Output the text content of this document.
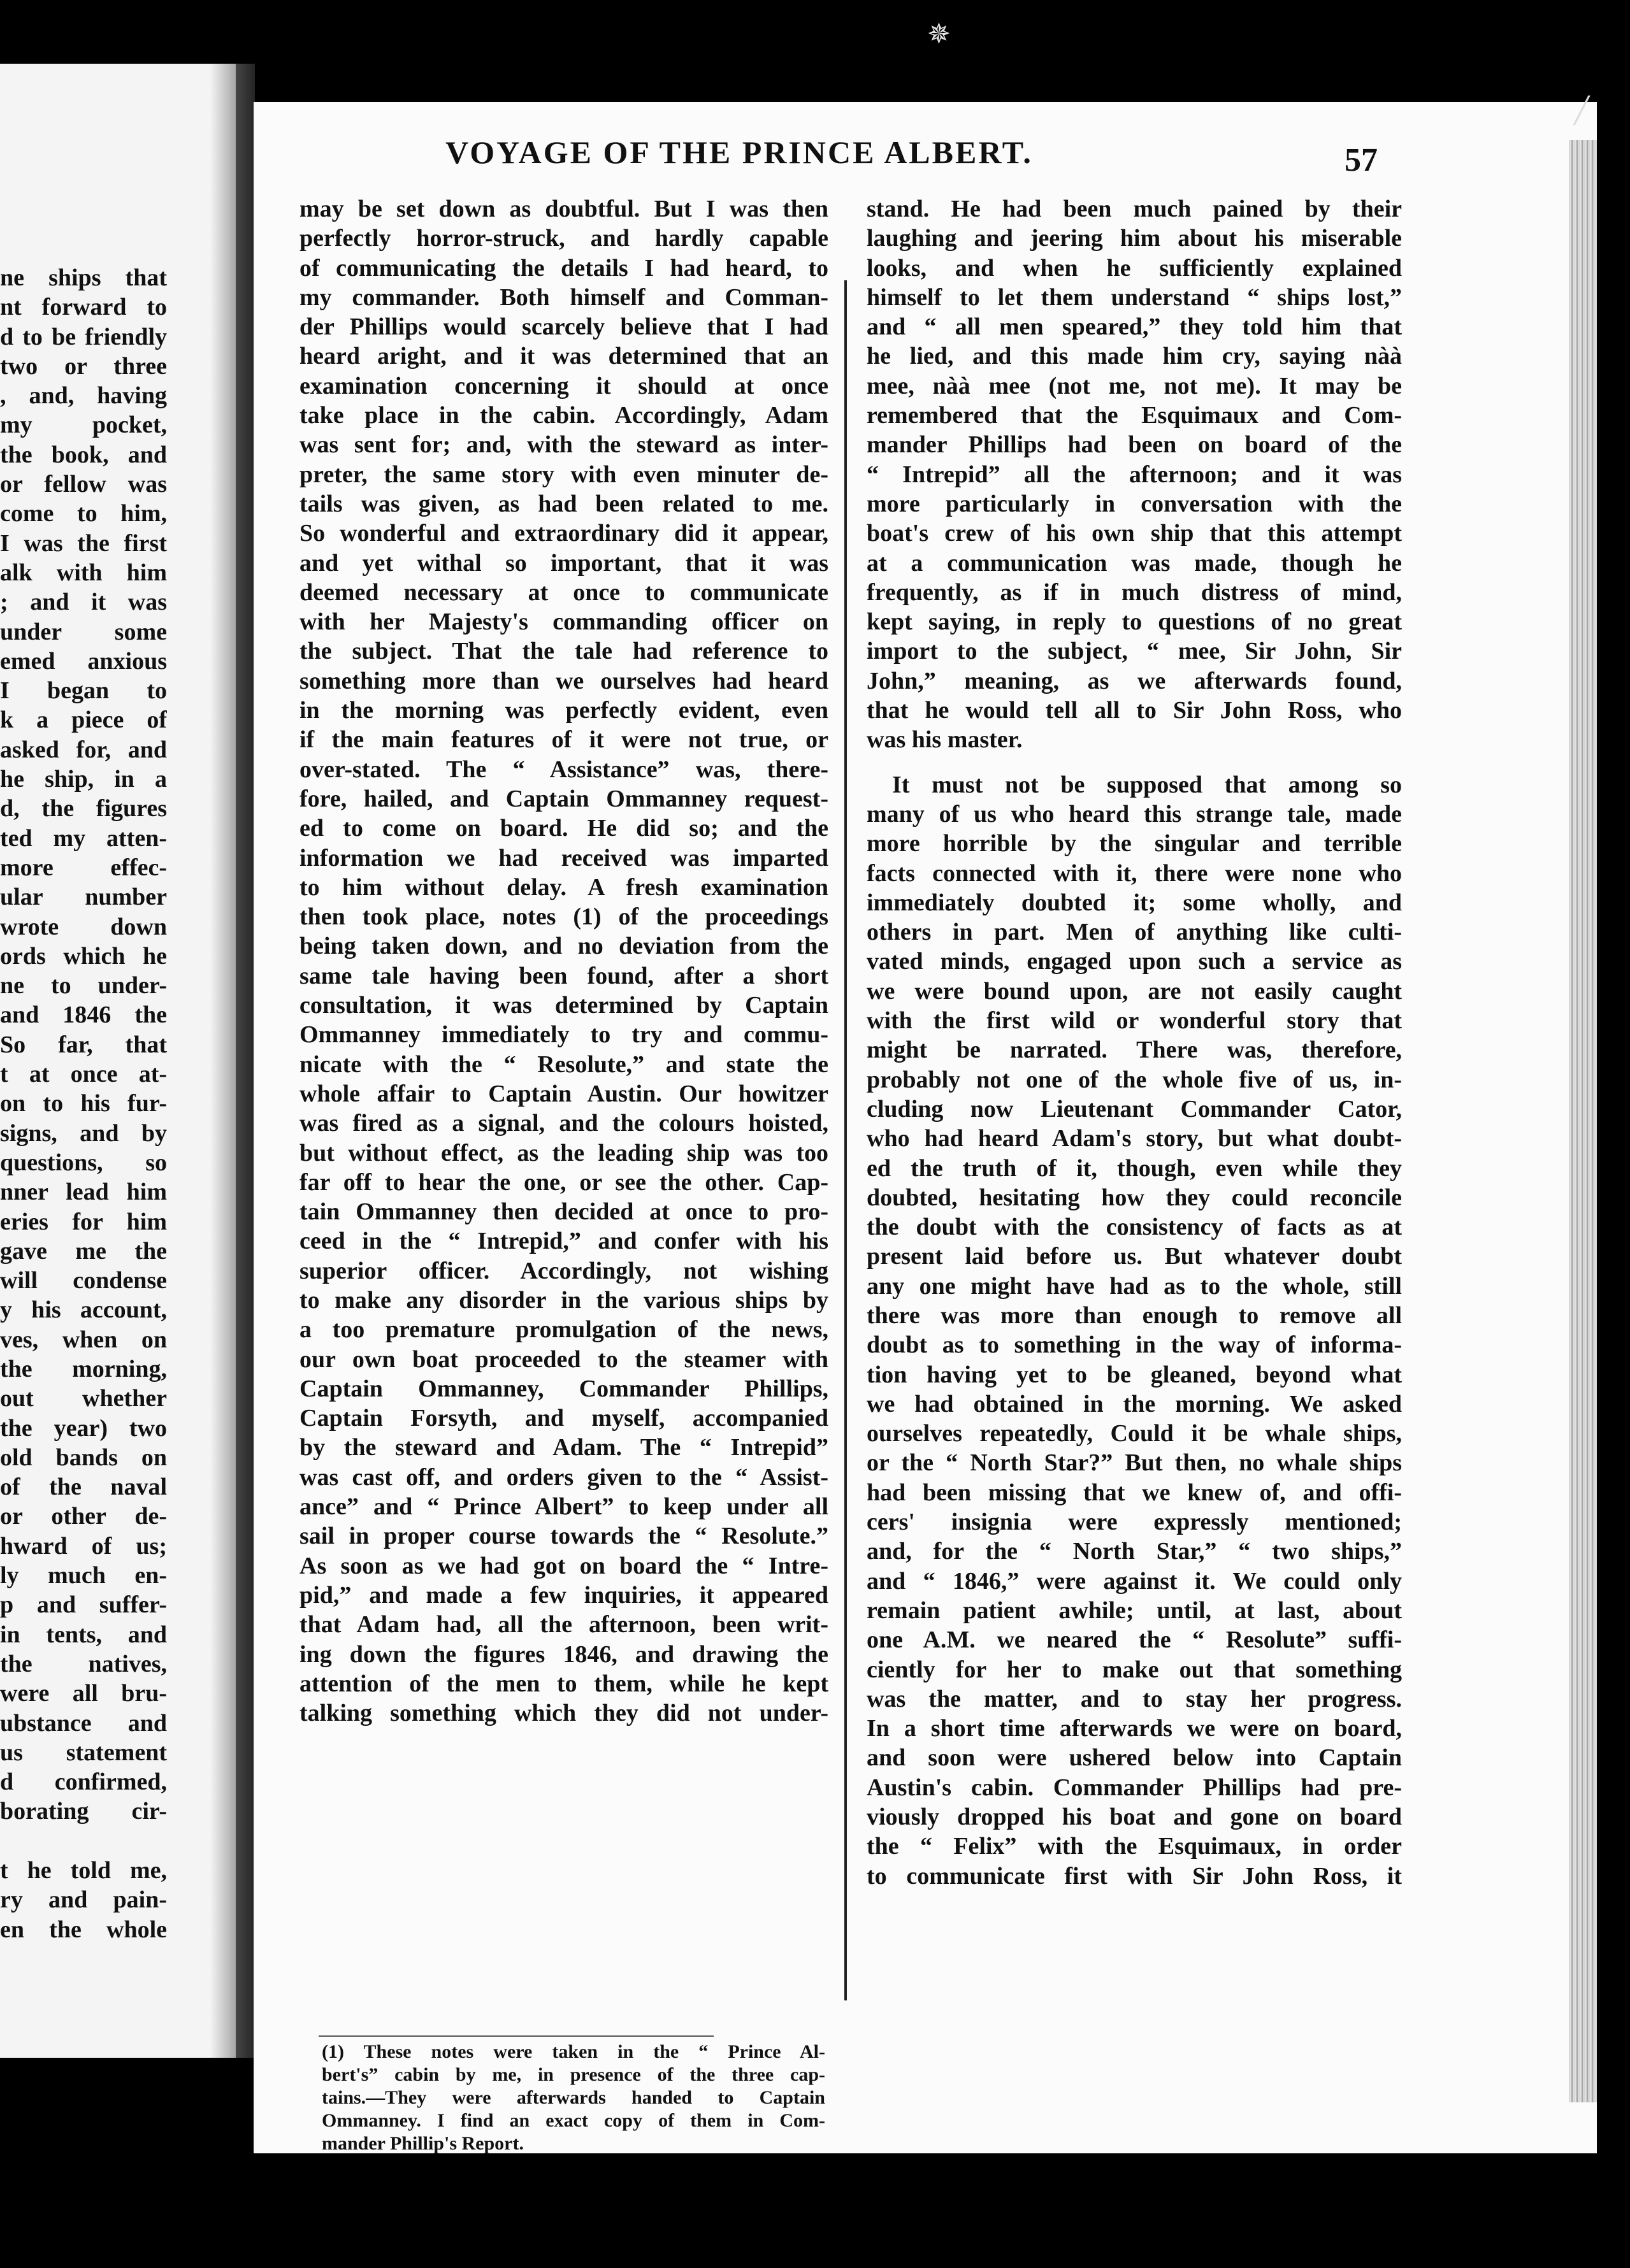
ne ships that
nt forward to
d to be friendly
two or three
, and, having
my pocket,
the book, and
or fellow was
come to him,
I was the first
alk with him
; and it was
under some
emed anxious
I began to
k a piece of
asked for, and
he ship, in a
d, the figures
ted my atten-
more effec-
ular number
wrote down
ords which he
ne to under-
and 1846 the
So far, that
t at once at-
on to his fur-
signs, and by
questions, so
nner lead him
eries for him
gave me the
will condense
y his account,
ves, when on
the morning,
out whether
the year) two
old bands on
of the naval
or other de-
hward of us;
ly much en-
p and suffer-
in tents, and
the natives,
were all bru-
ubstance and
us statement
d confirmed,
borating cir-
t he told me,
ry and pain-
en the whole
✵
╱
VOYAGE OF THE PRINCE ALBERT.	57
may be set down as doubtful. But I was then
perfectly horror-struck, and hardly capable
of communicating the details I had heard, to
my commander. Both himself and Comman-
der Phillips would scarcely believe that I had
heard aright, and it was determined that an
examination concerning it should at once
take place in the cabin. Accordingly, Adam
was sent for; and, with the steward as inter-
preter, the same story with even minuter de-
tails was given, as had been related to me.
So wonderful and extraordinary did it appear,
and yet withal so important, that it was
deemed necessary at once to communicate
with her Majesty's commanding officer on
the subject. That the tale had reference to
something more than we ourselves had heard
in the morning was perfectly evident, even
if the main features of it were not true, or
over-stated. The “ Assistance” was, there-
fore, hailed, and Captain Ommanney request-
ed to come on board. He did so; and the
information we had received was imparted
to him without delay. A fresh examination
then took place, notes (1) of the proceedings
being taken down, and no deviation from the
same tale having been found, after a short
consultation, it was determined by Captain
Ommanney immediately to try and commu-
nicate with the “ Resolute,” and state the
whole affair to Captain Austin. Our howitzer
was fired as a signal, and the colours hoisted,
but without effect, as the leading ship was too
far off to hear the one, or see the other. Cap-
tain Ommanney then decided at once to pro-
ceed in the “ Intrepid,” and confer with his
superior officer. Accordingly, not wishing
to make any disorder in the various ships by
a too premature promulgation of the news,
our own boat proceeded to the steamer with
Captain Ommanney, Commander Phillips,
Captain Forsyth, and myself, accompanied
by the steward and Adam. The “ Intrepid”
was cast off, and orders given to the “ Assist-
ance” and “ Prince Albert” to keep under all
sail in proper course towards the “ Resolute.”
As soon as we had got on board the “ Intre-
pid,” and made a few inquiries, it appeared
that Adam had, all the afternoon, been writ-
ing down the figures 1846, and drawing the
attention of the men to them, while he kept
talking something which they did not under-
stand. He had been much pained by their
laughing and jeering him about his miserable
looks, and when he sufficiently explained
himself to let them understand “ ships lost,”
and “ all men speared,” they told him that
he lied, and this made him cry, saying nàà
mee, nàà mee (not me, not me). It may be
remembered that the Esquimaux and Com-
mander Phillips had been on board of the
“ Intrepid” all the afternoon; and it was
more particularly in conversation with the
boat's crew of his own ship that this attempt
at a communication was made, though he
frequently, as if in much distress of mind,
kept saying, in reply to questions of no great
import to the subject, “ mee, Sir John, Sir
John,” meaning, as we afterwards found,
that he would tell all to Sir John Ross, who
was his master.
It must not be supposed that among so
many of us who heard this strange tale, made
more horrible by the singular and terrible
facts connected with it, there were none who
immediately doubted it; some wholly, and
others in part. Men of anything like culti-
vated minds, engaged upon such a service as
we were bound upon, are not easily caught
with the first wild or wonderful story that
might be narrated. There was, therefore,
probably not one of the whole five of us, in-
cluding now Lieutenant Commander Cator,
who had heard Adam's story, but what doubt-
ed the truth of it, though, even while they
doubted, hesitating how they could reconcile
the doubt with the consistency of facts as at
present laid before us. But whatever doubt
any one might have had as to the whole, still
there was more than enough to remove all
doubt as to something in the way of informa-
tion having yet to be gleaned, beyond what
we had obtained in the morning. We asked
ourselves repeatedly, Could it be whale ships,
or the “ North Star?” But then, no whale ships
had been missing that we knew of, and offi-
cers' insignia were expressly mentioned;
and, for the “ North Star,” “ two ships,”
and “ 1846,” were against it. We could only
remain patient awhile; until, at last, about
one A.M. we neared the “ Resolute” suffi-
ciently for her to make out that something
was the matter, and to stay her progress.
In a short time afterwards we were on board,
and soon were ushered below into Captain
Austin's cabin. Commander Phillips had pre-
viously dropped his boat and gone on board
the “ Felix” with the Esquimaux, in order
to communicate first with Sir John Ross, it
(1) These notes were taken in the “ Prince Al-
bert's” cabin by me, in presence of the three cap-
tains.—They were afterwards handed to Captain
Ommanney. I find an exact copy of them in Com-
mander Phillip's Report.
